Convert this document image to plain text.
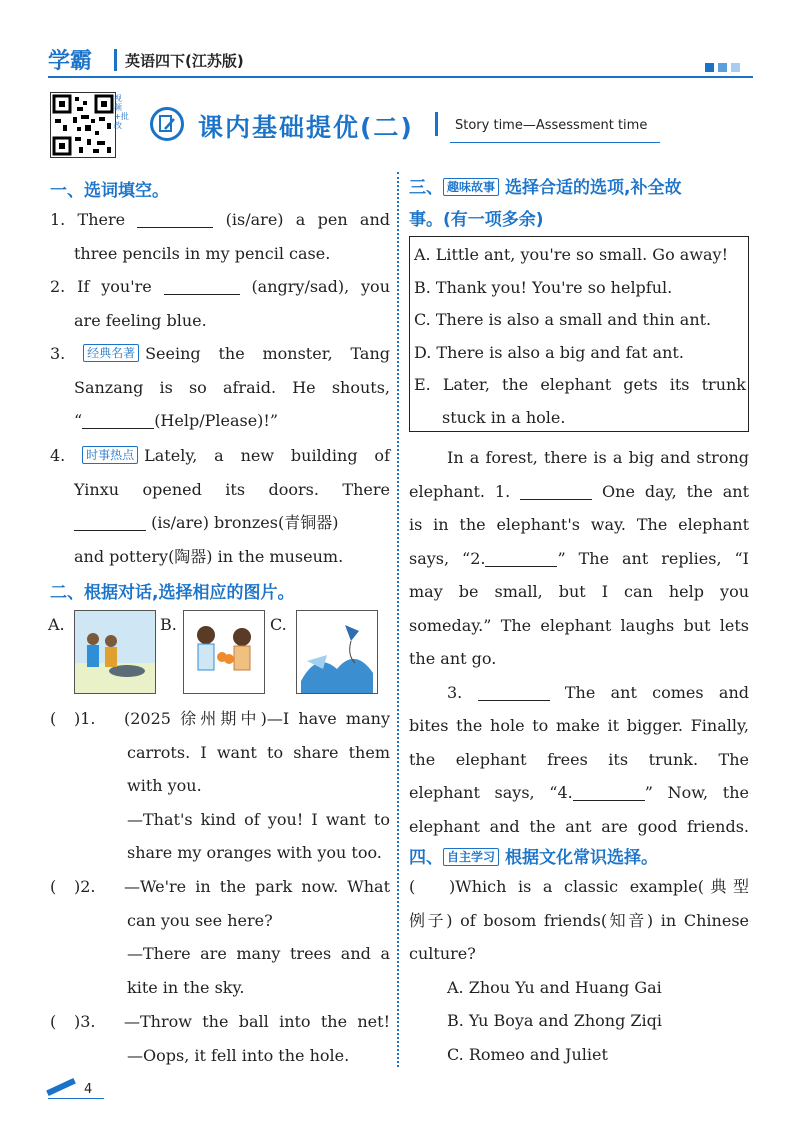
学霸 英语四下(江苏版)
视频+批改	课内基础提优(二)	Story time—Assessment time
一、选词填空。
1. There	(is/are) a pen and
three pencils in my pencil case.
2. If you're	(angry/sad), you
are feeling blue.
3. 经典名著 Seeing the monster, Tang
Sanzang is so afraid. He shouts,
“	(Help/Please)!”
4. 时事热点 Lately, a new building of
Yinxu opened its doors. There
(is/are) bronzes(青铜器)
and pottery(陶器) in the museum.
二、根据对话,选择相应的图片。
A.	B.	C.
(	)1.	(2025 徐州期中)—I have many
carrots. I want to share them
with you.
—That's kind of you! I want to
share my oranges with you too.
(	)2.	—We're in the park now. What
can you see here?
—There are many trees and a
kite in the sky.
(	)3.	—Throw the ball into the net!
—Oops, it fell into the hole.
三、 趣味故事 选择合适的选项,补全故
事。(有一项多余)
A. Little ant, you're so small. Go away!
B. Thank you! You're so helpful.
C. There is also a small and thin ant.
D. There is also a big and fat ant.
E. Later, the elephant gets its trunk
stuck in a hole.
In a forest, there is a big and strong
elephant. 1.	One day, the ant
is in the elephant's way. The elephant
says, “2.	” The ant replies, “I
may be small, but I can help you
someday.” The elephant laughs but lets
the ant go.
3.	The ant comes and
bites the hole to make it bigger. Finally,
the elephant frees its trunk. The
elephant says, “4.	” Now, the
elephant and the ant are good friends.
四、 自主学习 根据文化常识选择。
( )Which is a classic example(典型
例子) of bosom friends(知音) in Chinese
culture?
A. Zhou Yu and Huang Gai
B. Yu Boya and Zhong Ziqi
C. Romeo and Juliet
4
